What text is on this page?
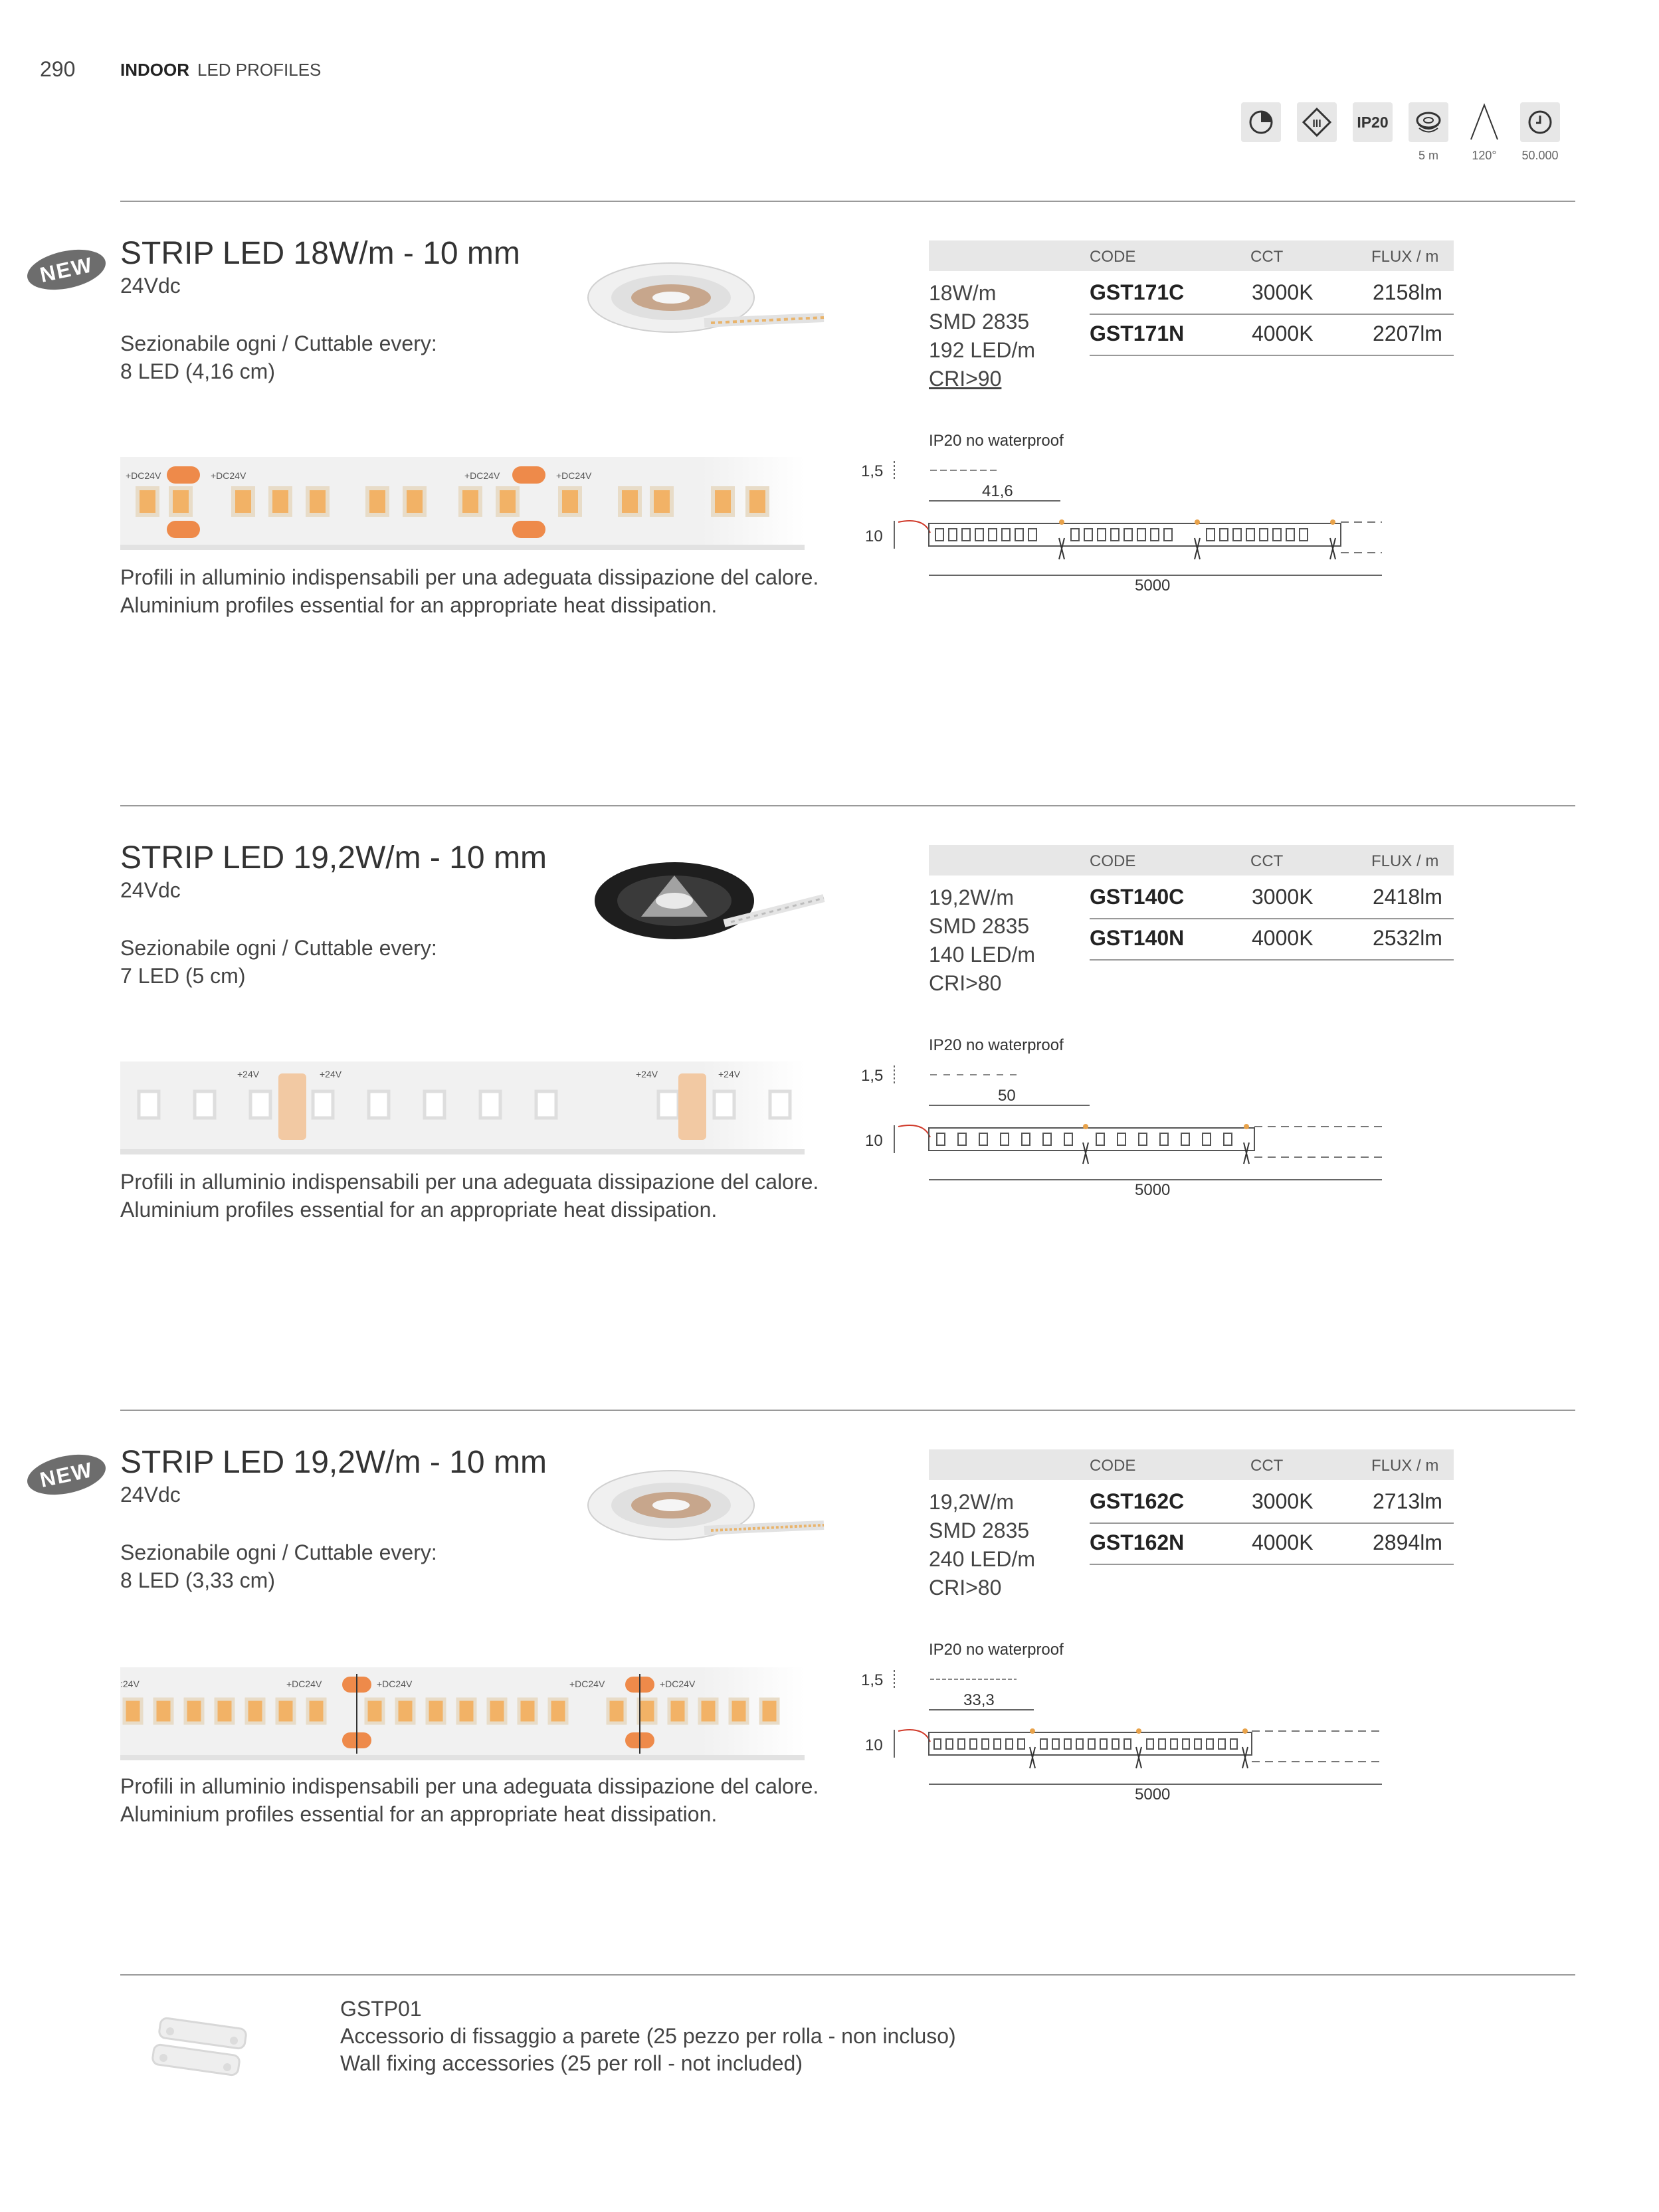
290	INDOOR LED PROFILES
III IP20
5 m	120°	50.000
NEW STRIP LED 18W/m - 10 mm
24Vdc
Sezionabile ogni / Cuttable every:
8 LED (4,16 cm)
CODE	CCT	FLUX / m
18W/m
SMD 2835
192 LED/m
CRI>90
GST171C	3000K	2158lm
GST171N	4000K	2207lm
+DC24V	+DC24V	+DC24V	+DC24V
Profili in alluminio indispensabili per una adeguata dissipazione del calore.
Aluminium profiles essential for an appropriate heat dissipation.
IP20 no waterproof
1,5
10
41,6
5000
STRIP LED 19,2W/m - 10 mm
24Vdc
Sezionabile ogni / Cuttable every:
7 LED (5 cm)
CODE	CCT	FLUX / m
19,2W/m
SMD 2835
140 LED/m
CRI>80
GST140C	3000K	2418lm
GST140N	4000K	2532lm
+24V	+24V	+24V	+24V
Profili in alluminio indispensabili per una adeguata dissipazione del calore.
Aluminium profiles essential for an appropriate heat dissipation.
IP20 no waterproof
1,5
10
50
5000
NEW STRIP LED 19,2W/m - 10 mm
24Vdc
Sezionabile ogni / Cuttable every:
8 LED (3,33 cm)
CODE	CCT	FLUX / m
19,2W/m
SMD 2835
240 LED/m
CRI>80
GST162C	3000K	2713lm
GST162N	4000K	2894lm
:24V	+DC24V	+DC24V	+DC24V	+DC24V
Profili in alluminio indispensabili per una adeguata dissipazione del calore.
Aluminium profiles essential for an appropriate heat dissipation.
IP20 no waterproof
1,5
10
33,3
5000
GSTP01
Accessorio di fissaggio a parete (25 pezzo per rolla - non incluso)
Wall fixing accessories (25 per roll - not included)
